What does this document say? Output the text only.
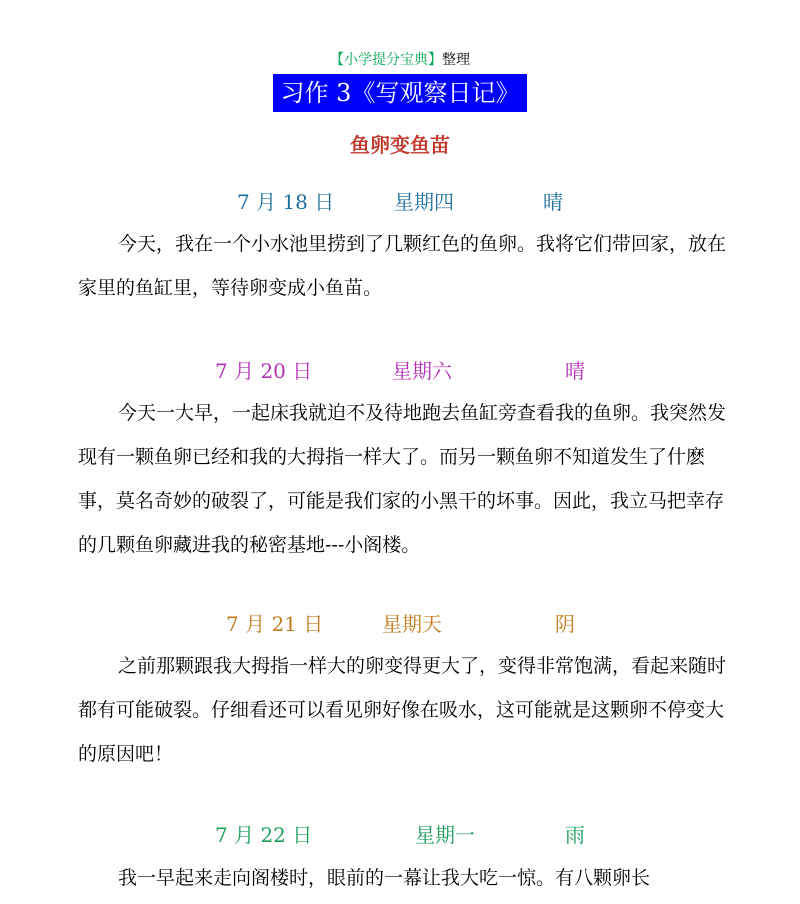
【小学提分宝典】整理
习作 3《写观察日记》
鱼卵变鱼苗
7 月 18 日	星期四	晴
今天，我在一个小水池里捞到了几颗红色的鱼卵。我将它们带回家，放在家里的鱼缸里，等待卵变成小鱼苗。
7 月 20 日	星期六	晴
今天一大早，一起床我就迫不及待地跑去鱼缸旁查看我的鱼卵。我突然发现有一颗鱼卵已经和我的大拇指一样大了。而另一颗鱼卵不知道发生了什麽事，莫名奇妙的破裂了，可能是我们家的小黑干的坏事。因此，我立马把幸存的几颗鱼卵藏进我的秘密基地---小阁楼。
7 月 21 日	星期天	阴
之前那颗跟我大拇指一样大的卵变得更大了，变得非常饱满，看起来随时都有可能破裂。仔细看还可以看见卵好像在吸水，这可能就是这颗卵不停变大的原因吧！
7 月 22 日	星期一	雨
我一早起来走向阁楼时，眼前的一幕让我大吃一惊。有八颗卵长
